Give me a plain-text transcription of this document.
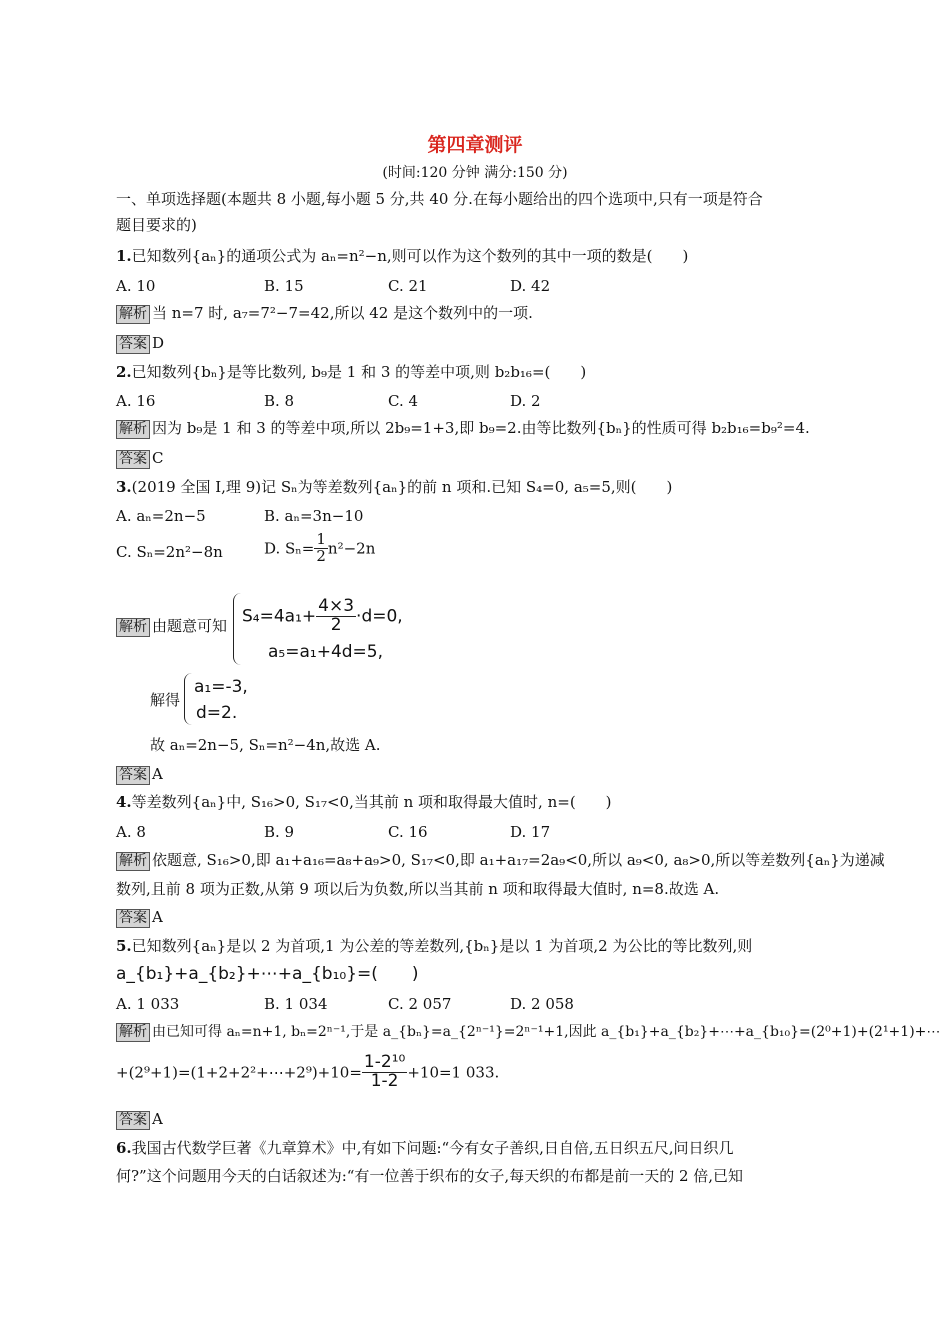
第四章测评
(时间:120 分钟 满分:150 分)
一、单项选择题(本题共 8 小题,每小题 5 分,共 40 分.在每小题给出的四个选项中,只有一项是符合
题目要求的)
1.已知数列{aₙ}的通项公式为 aₙ=n²−n,则可以作为这个数列的其中一项的数是(　　)
A. 10	B. 15	C. 21	D. 42
解析 当 n=7 时, a₇=7²−7=42,所以 42 是这个数列中的一项.
答案 D
2.已知数列{bₙ}是等比数列, b₉是 1 和 3 的等差中项,则 b₂b₁₆=(　　)
A. 16	B. 8	C. 4	D. 2
解析 因为 b₉是 1 和 3 的等差中项,所以 2b₉=1+3,即 b₉=2.由等比数列{bₙ}的性质可得 b₂b₁₆=b₉²=4.
答案 C
3.(2019 全国 Ⅰ,理 9)记 Sₙ为等差数列{aₙ}的前 n 项和.已知 S₄=0, a₅=5,则(　　)
A. aₙ=2n−5	B. aₙ=3n−10
C. Sₙ=2n²−8n	D. $S_n= \frac{1}{2} n^2-2n$
解析 由题意可知 $S_4=4a_1+ \frac{4\times 3}{2} \cdot d=0$,
a₅=a₁+4d=5,
解得
a₁=-3,
d=2.
故 aₙ=2n−5, Sₙ=n²−4n,故选 A.
答案 A
4.等差数列{aₙ}中, S₁₆>0, S₁₇<0,当其前 n 项和取得最大值时, n=(　　)
A. 8	B. 9	C. 16	D. 17
解析 依题意, S₁₆>0,即 a₁+a₁₆=a₈+a₉>0, S₁₇<0,即 a₁+a₁₇=2a₉<0,所以 a₉<0, a₈>0,所以等差数列{aₙ}为递减
数列,且前 8 项为正数,从第 9 项以后为负数,所以当其前 n 项和取得最大值时, n=8.故选 A.
答案 A
5.已知数列{aₙ}是以 2 为首项,1 为公差的等差数列,{bₙ}是以 1 为首项,2 为公比的等比数列,则
a_{b₁}+a_{b₂}+⋯+a_{b₁₀}=(　　)
A. 1 033	B. 1 034	C. 2 057	D. 2 058
解析 由已知可得 aₙ=n+1, bₙ=2ⁿ⁻¹,于是 a_{bₙ}=a_{2ⁿ⁻¹}=2ⁿ⁻¹+1,因此 a_{b₁}+a_{b₂}+⋯+a_{b₁₀}=(2⁰+1)+(2¹+1)+⋯
+(2⁹+1)=(1+2+2²+⋯+2⁹)+10= $\frac{\text{1-2¹⁰}}{1-2} +10=1$ 033.
答案 A
6.我国古代数学巨著《九章算术》中,有如下问题:“今有女子善织,日自倍,五日织五尺,问日织几
何?”这个问题用今天的白话叙述为:“有一位善于织布的女子,每天织的布都是前一天的 2 倍,已知
